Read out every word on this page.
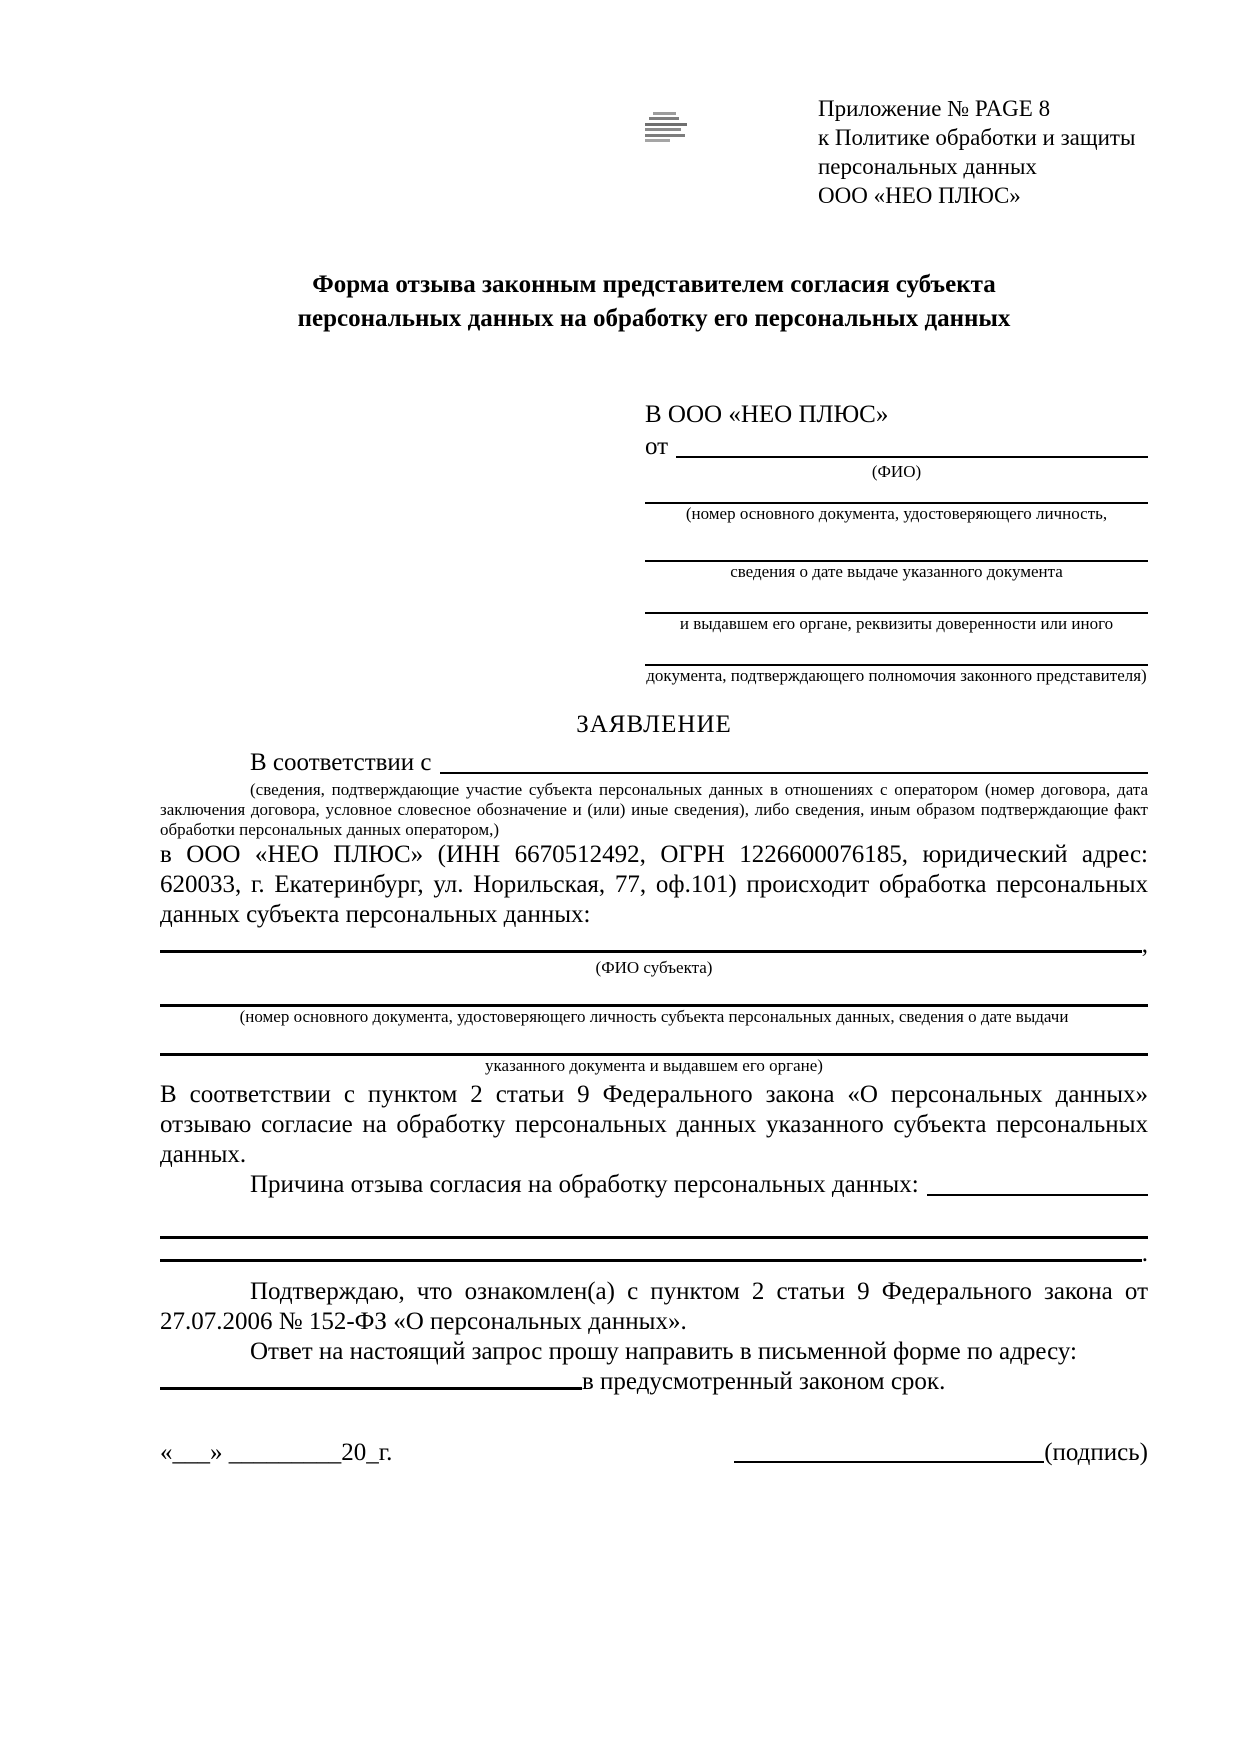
Приложение № PAGE 8
к Политике обработки и защиты
персональных данных
ООО «НЕО ПЛЮС»
Форма отзыва законным представителем согласия субъекта
персональных данных на обработку его персональных данных
В ООО «НЕО ПЛЮС»
от
(ФИО)
(номер основного документа, удостоверяющего личность,
сведения о дате выдаче указанного документа
и выдавшем его органе, реквизиты доверенности или иного
документа, подтверждающего полномочия законного представителя)
ЗАЯВЛЕНИЕ
В соответствии с
(сведения, подтверждающие участие субъекта персональных данных в отношениях с оператором (номер договора, дата заключения договора, условное словесное обозначение и (или) иные сведения), либо сведения, иным образом подтверждающие факт обработки персональных данных оператором,)
в ООО «НЕО ПЛЮС» (ИНН 6670512492, ОГРН 1226600076185, юридический адрес: 620033, г. Екатеринбург, ул. Норильская, 77, оф.101) происходит обработка персональных данных субъекта персональных данных:
,
(ФИО субъекта)
(номер основного документа, удостоверяющего личность субъекта персональных данных, сведения о дате выдачи
указанного документа и выдавшем его органе)
В соответствии с пунктом 2 статьи 9 Федерального закона «О персональных данных» отзываю согласие на обработку персональных данных указанного субъекта персональных данных.
Причина отзыва согласия на обработку персональных данных:
.
Подтверждаю, что ознакомлен(а) с пунктом 2 статьи 9 Федерального закона от 27.07.2006 № 152-ФЗ «О персональных данных».
Ответ на настоящий запрос прошу направить в письменной форме по адресу:
в предусмотренный законом срок.
«___» _________20_г.	(подпись)
